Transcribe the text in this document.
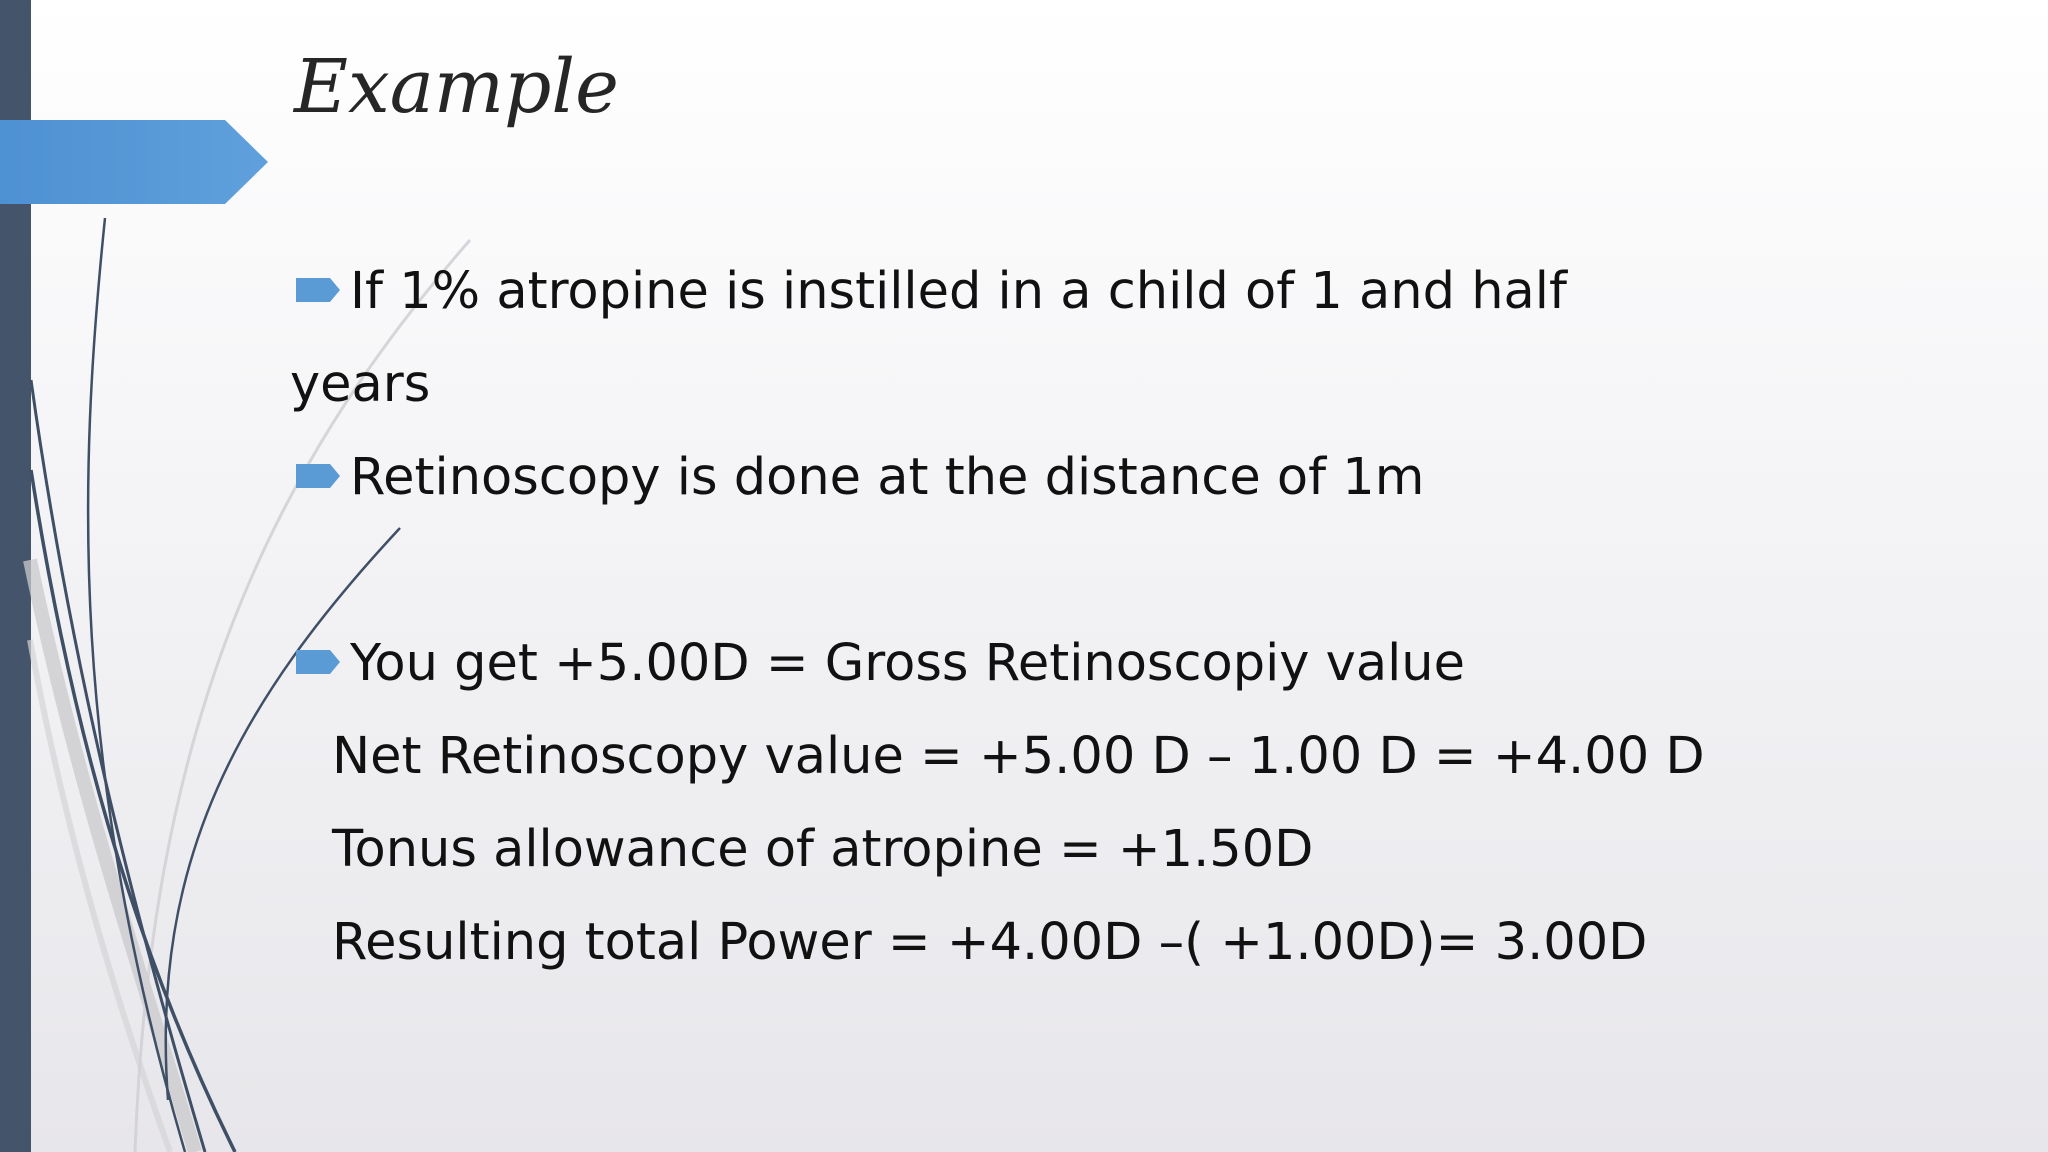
Example
If 1% atropine is instilled in a child of 1 and half
years
Retinoscopy is done at the distance of 1m
You get +5.00D = Gross Retinoscopiy value
Net Retinoscopy value = +5.00 D – 1.00 D = +4.00 D
Tonus allowance of atropine = +1.50D
Resulting total Power = +4.00D –( +1.00D)= 3.00D
